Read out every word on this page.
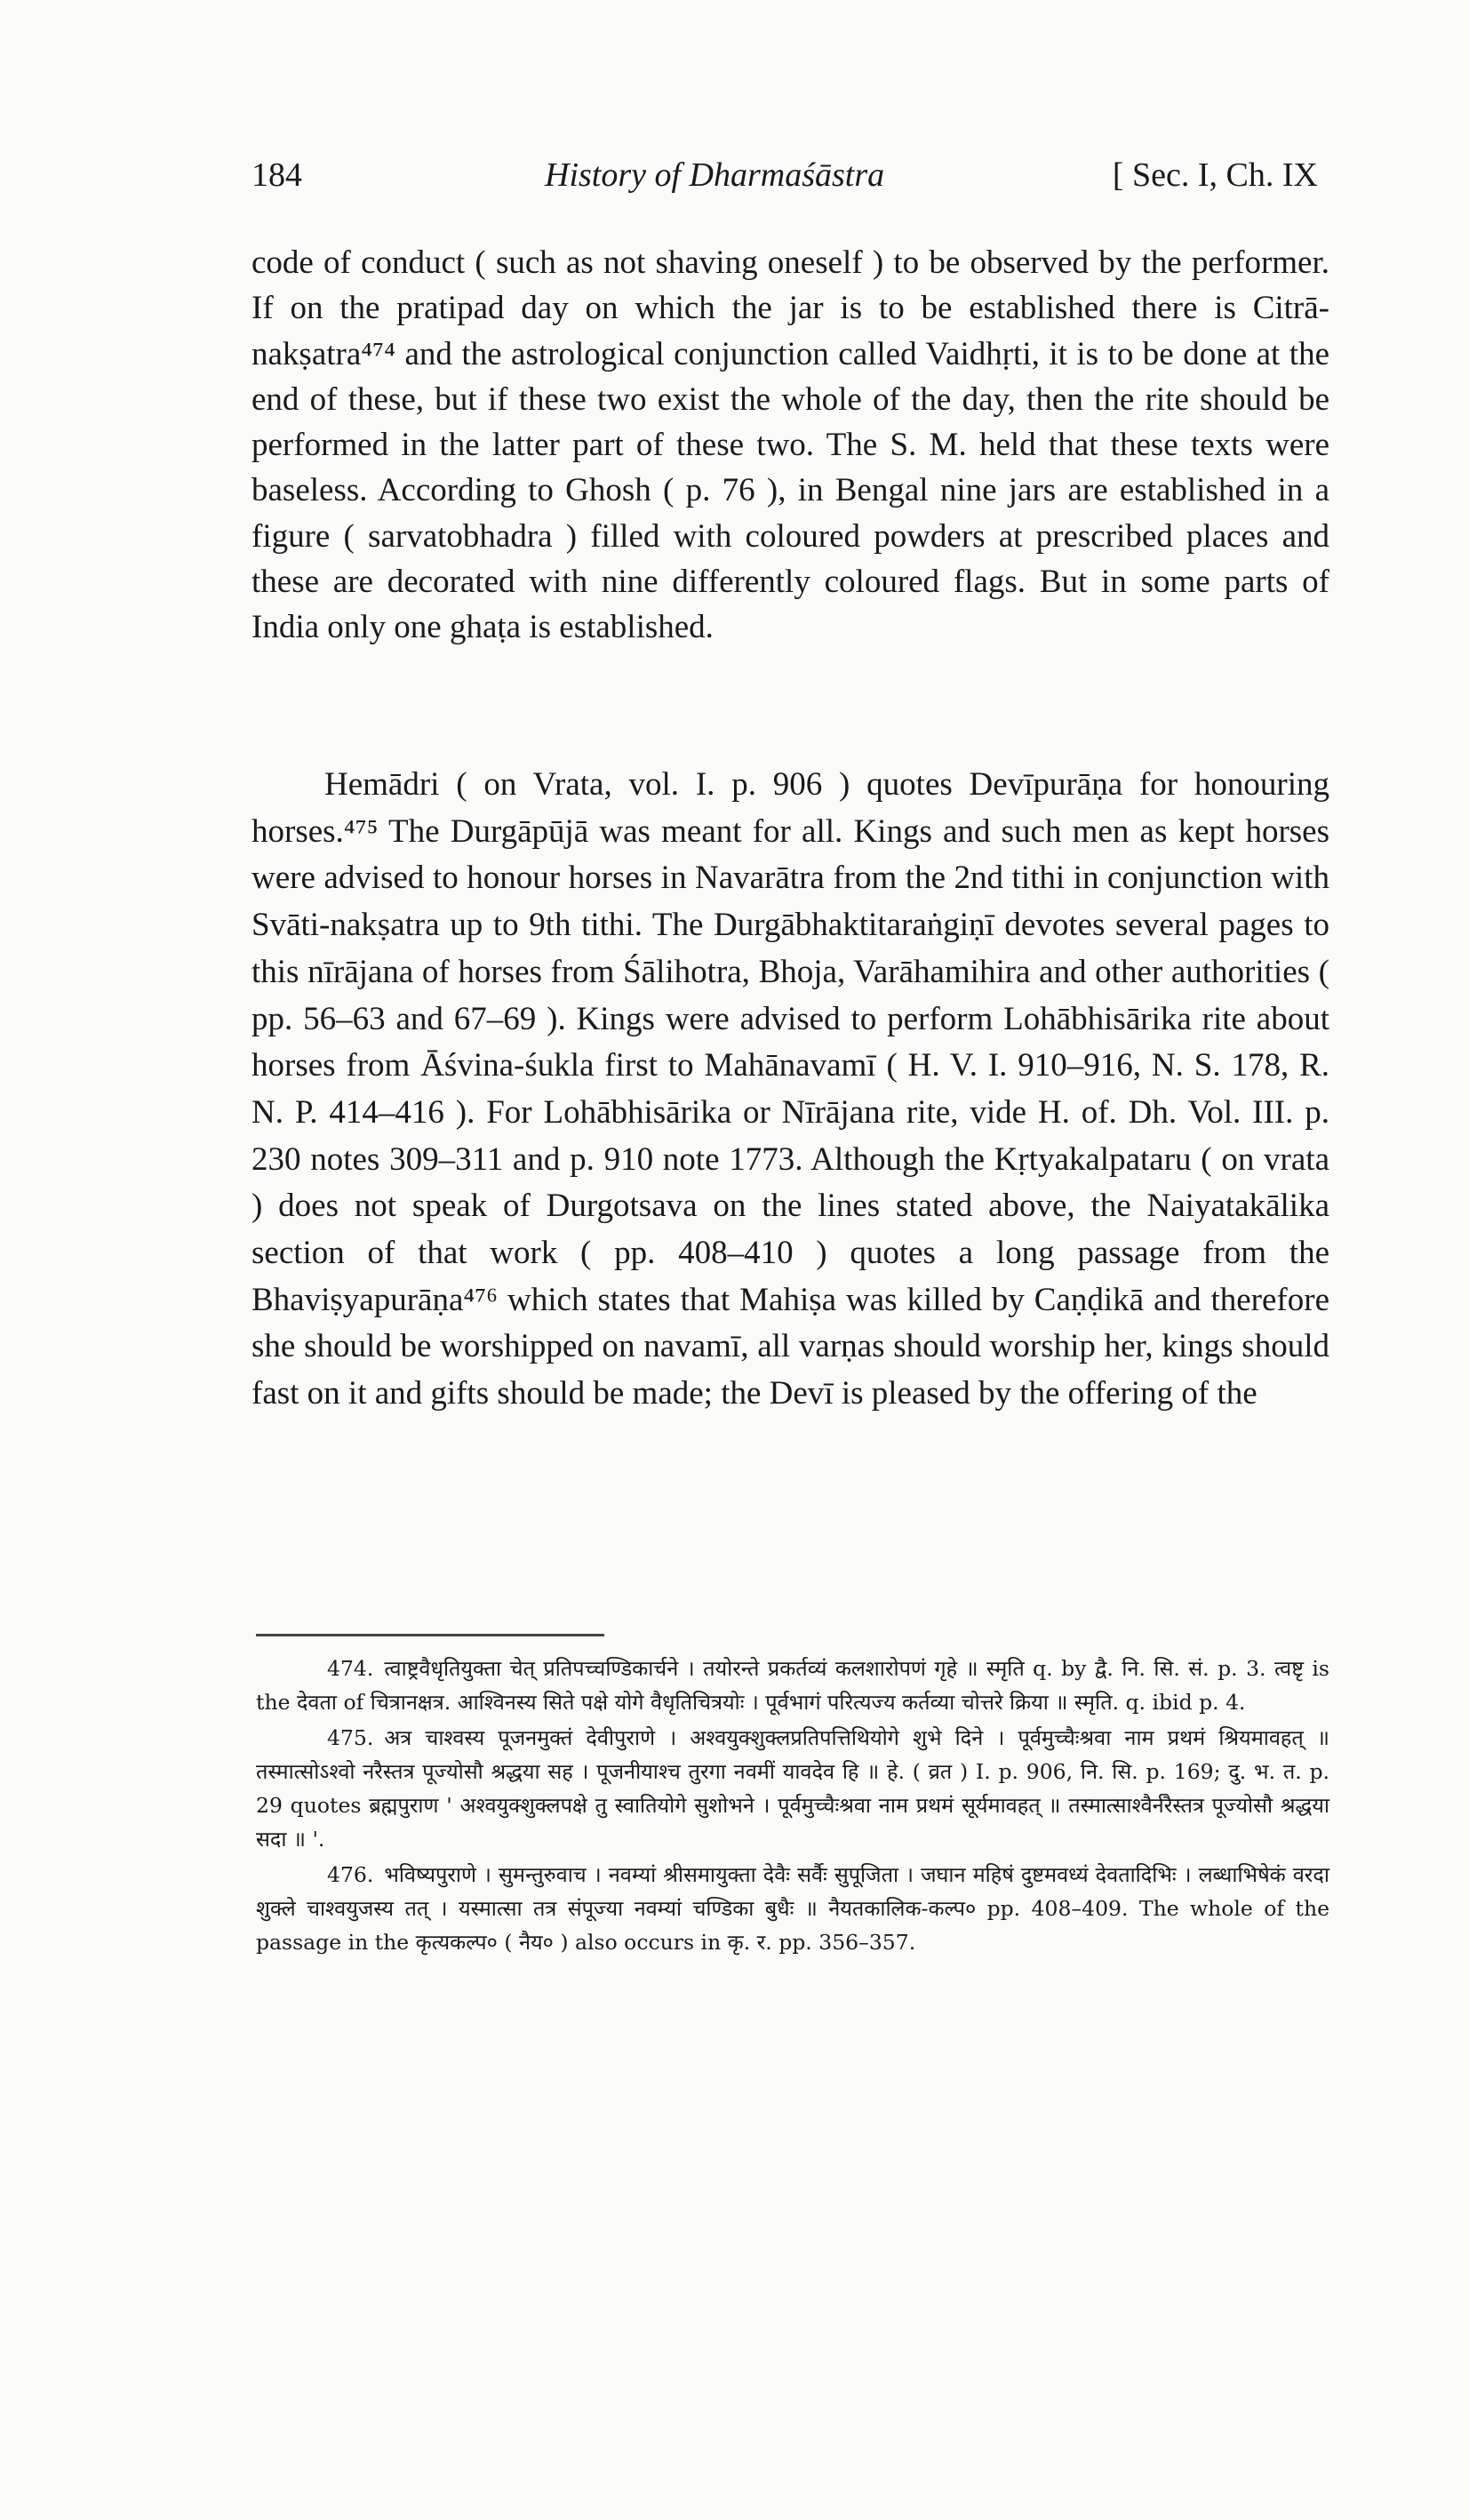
184	History of Dharmaśāstra	[ Sec. I, Ch. IX

code of conduct ( such as not shaving oneself ) to be observed by the performer. If on the pratipad day on which the jar is to be established there is Citrā-nakṣatra⁴⁷⁴ and the astrological conjunction called Vaidhṛti, it is to be done at the end of these, but if these two exist the whole of the day, then the rite should be performed in the latter part of these two. The S. M. held that these texts were baseless. According to Ghosh ( p. 76 ), in Bengal nine jars are established in a figure ( sarvatobhadra ) filled with coloured powders at prescribed places and these are decorated with nine differently coloured flags. But in some parts of India only one ghaṭa is established.

Hemādri ( on Vrata, vol. I. p. 906 ) quotes Devīpurāṇa for honouring horses.⁴⁷⁵ The Durgāpūjā was meant for all. Kings and such men as kept horses were advised to honour horses in Navarātra from the 2nd tithi in conjunction with Svāti-nakṣatra up to 9th tithi. The Durgābhaktitaraṅgiṇī devotes several pages to this nīrājana of horses from Śālihotra, Bhoja, Varāhamihira and other authorities ( pp. 56–63 and 67–69 ). Kings were advised to perform Lohābhisārika rite about horses from Āśvina-śukla first to Mahānavamī ( H. V. I. 910–916, N. S. 178, R. N. P. 414–416 ). For Lohābhisārika or Nīrājana rite, vide H. of. Dh. Vol. III. p. 230 notes 309–311 and p. 910 note 1773. Although the Kṛtyakalpataru ( on vrata ) does not speak of Durgotsava on the lines stated above, the Naiyatakālika section of that work ( pp. 408–410 ) quotes a long passage from the Bhaviṣyapurāṇa⁴⁷⁶ which states that Mahiṣa was killed by Caṇḍikā and therefore she should be worshipped on navamī, all varṇas should worship her, kings should fast on it and gifts should be made; the Devī is pleased by the offering of the

474. त्वाष्ट्रवैधृतियुक्ता चेत् प्रतिपच्चण्डिकार्चने । तयोरन्ते प्रकर्तव्यं कलशारोपणं गृहे ॥ स्मृति q. by द्वै. नि. सि. सं. p. 3. त्वष्टृ is the देवता of चित्रानक्षत्र. आश्विनस्य सिते पक्षे योगे वैधृतिचित्रयोः । पूर्वभागं परित्यज्य कर्तव्या चोत्तरे क्रिया ॥ स्मृति. q. ibid p. 4.

475. अत्र चाश्वस्य पूजनमुक्तं देवीपुराणे । अश्वयुक्शुक्लप्रतिपत्तिथियोगे शुभे दिने । पूर्वमुच्चैःश्रवा नाम प्रथमं श्रियमावहत् ॥ तस्मात्सोऽश्वो नरैस्तत्र पूज्योसौ श्रद्धया सह । पूजनीयाश्च तुरगा नवमीं यावदेव हि ॥ हे. ( व्रत ) I. p. 906, नि. सि. p. 169; दु. भ. त. p. 29 quotes ब्रह्मपुराण ' अश्वयुक्शुक्लपक्षे तु स्वातियोगे सुशोभने । पूर्वमुच्चैःश्रवा नाम प्रथमं सूर्यमावहत् ॥ तस्मात्साश्वैर्नरैस्तत्र पूज्योसौ श्रद्धया सदा ॥ '.

476. भविष्यपुराणे । सुमन्तुरुवाच । नवम्यां श्रीसमायुक्ता देवैः सर्वैः सुपूजिता । जघान महिषं दुष्टमवध्यं देवतादिभिः । लब्धाभिषेकं वरदा शुक्ले चाश्वयुजस्य तत् । यस्मात्सा तत्र संपूज्या नवम्यां चण्डिका बुधैः ॥ नैयतकालिक-कल्प० pp. 408–409. The whole of the passage in the कृत्यकल्प० ( नैय० ) also occurs in कृ. र. pp. 356–357.
